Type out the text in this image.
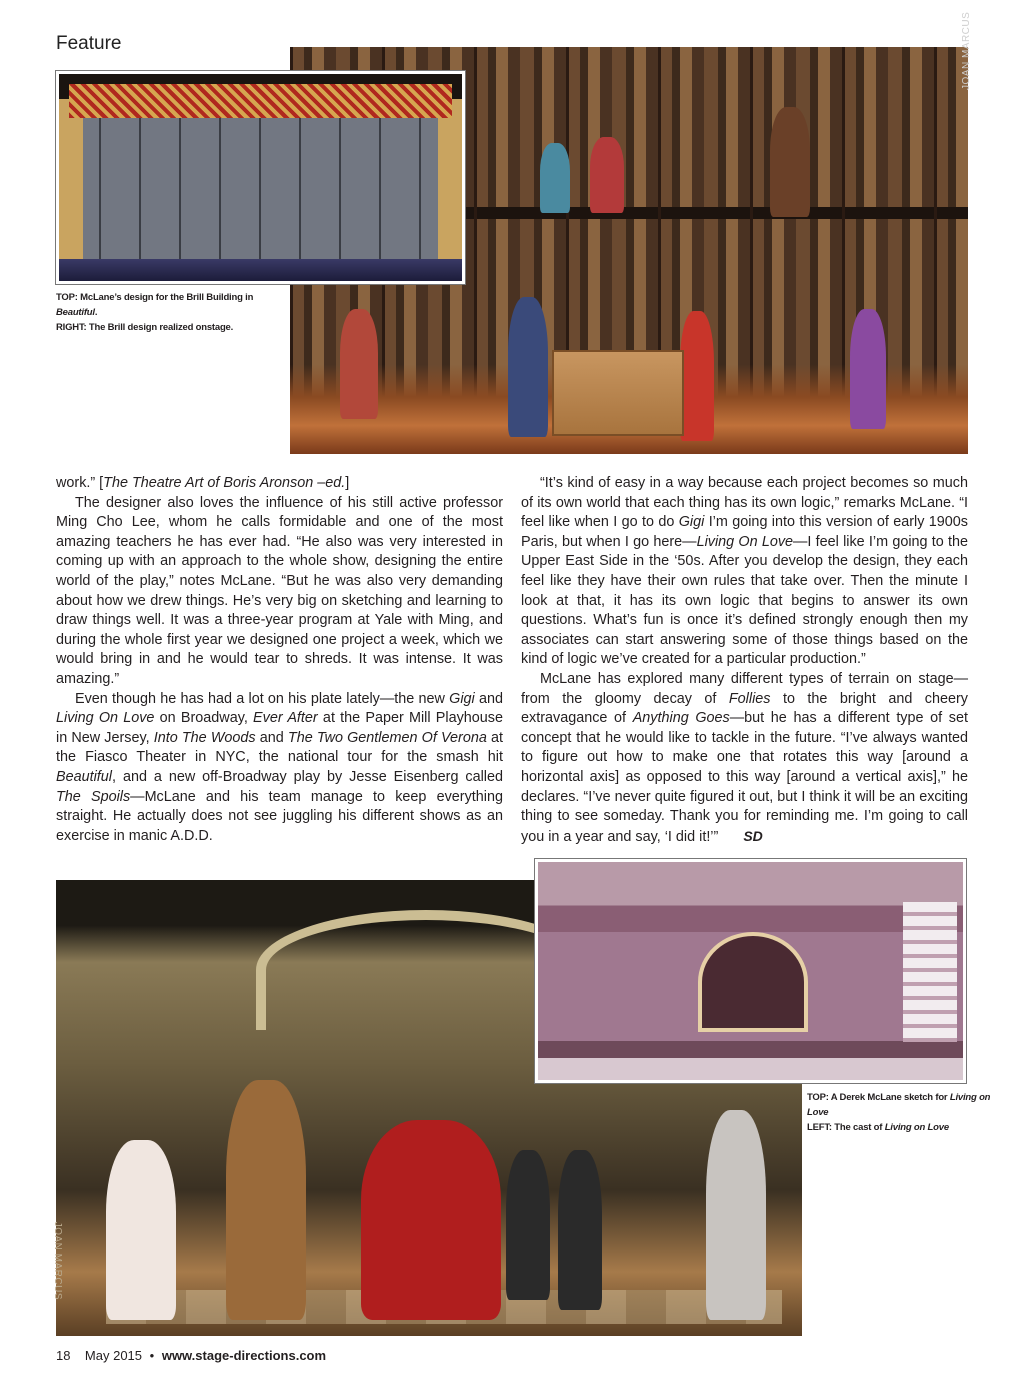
Feature	JOAN MARCUS
TOP: McLane’s design for the Brill Building in Beautiful.
RIGHT: The Brill design realized onstage.

work.” [The Theatre Art of Boris Aronson –ed.]

The designer also loves the influence of his still active professor Ming Cho Lee, whom he calls formidable and one of the most amazing teachers he has ever had. “He also was very interested in coming up with an approach to the whole show, designing the entire world of the play,” notes McLane. “But he was also very demanding about how we drew things. He’s very big on sketching and learning to draw things well. It was a three-year program at Yale with Ming, and during the whole first year we designed one project a week, which we would bring in and he would tear to shreds. It was intense. It was amazing.”

Even though he has had a lot on his plate lately—the new Gigi and Living On Love on Broadway, Ever After at the Paper Mill Playhouse in New Jersey, Into The Woods and The Two Gentlemen Of Verona at the Fiasco Theater in NYC, the national tour for the smash hit Beautiful, and a new off-Broadway play by Jesse Eisenberg called The Spoils—McLane and his team manage to keep everything straight. He actually does not see juggling his different shows as an exercise in manic A.D.D.

“It’s kind of easy in a way because each project becomes so much of its own world that each thing has its own logic,” remarks McLane. “I feel like when I go to do Gigi I’m going into this version of early 1900s Paris, but when I go here—Living On Love—I feel like I’m going to the Upper East Side in the ‘50s. After you develop the design, they each feel like they have their own rules that take over. Then the minute I look at that, it has its own logic that begins to answer its own questions. What’s fun is once it’s defined strongly enough then my associates can start answering some of those things based on the kind of logic we’ve created for a particular production.”

McLane has explored many different types of terrain on stage—from the gloomy decay of Follies to the bright and cheery extravagance of Anything Goes—but he has a different type of set concept that he would like to tackle in the future. “I’ve always wanted to figure out how to make one that rotates this way [around a horizontal axis] as opposed to this way [around a vertical axis],” he declares. “I’ve never quite figured it out, but I think it will be an exciting thing to see someday. Thank you for reminding me. I’m going to call you in a year and say, ‘I did it!’” SD

JOAN MARCUS
TOP: A Derek McLane sketch for Living on Love
LEFT: The cast of Living on Love
18 May 2015 • www.stage-directions.com
